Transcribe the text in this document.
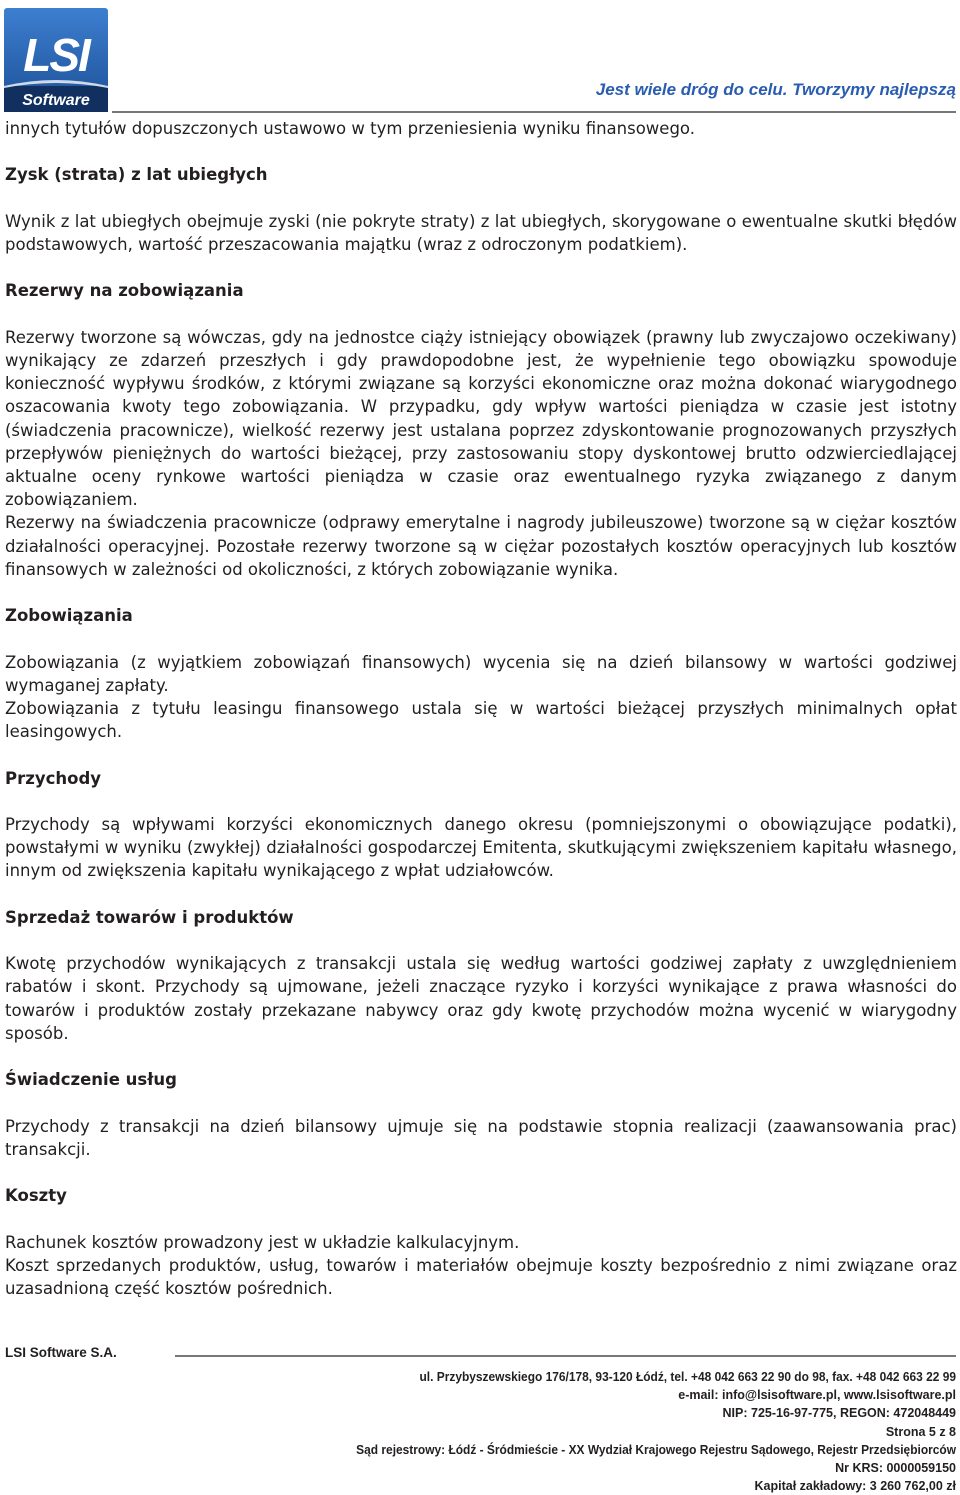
LSI
Software
Jest wiele dróg do celu. Tworzymy najlepszą

innych tytułów dopuszczonych ustawowo w tym przeniesienia wyniku finansowego.

Zysk (strata) z lat ubiegłych

Wynik z lat ubiegłych obejmuje zyski (nie pokryte straty) z lat ubiegłych, skorygowane o ewentualne skutki błędów podstawowych, wartość przeszacowania majątku (wraz z odroczonym podatkiem).

Rezerwy na zobowiązania

Rezerwy tworzone są wówczas, gdy na jednostce ciąży istniejący obowiązek (prawny lub zwyczajowo oczekiwany) wynikający ze zdarzeń przeszłych i gdy prawdopodobne jest, że wypełnienie tego obowiązku spowoduje konieczność wypływu środków, z którymi związane są korzyści ekonomiczne oraz można dokonać wiarygodnego oszacowania kwoty tego zobowiązania. W przypadku, gdy wpływ wartości pieniądza w czasie jest istotny (świadczenia pracownicze), wielkość rezerwy jest ustalana poprzez zdyskontowanie prognozowanych przyszłych przepływów pieniężnych do wartości bieżącej, przy zastosowaniu stopy dyskontowej brutto odzwierciedlającej aktualne oceny rynkowe wartości pieniądza w czasie oraz ewentualnego ryzyka związanego z danym zobowiązaniem.

Rezerwy na świadczenia pracownicze (odprawy emerytalne i nagrody jubileuszowe) tworzone są w ciężar kosztów działalności operacyjnej. Pozostałe rezerwy tworzone są w ciężar pozostałych kosztów operacyjnych lub kosztów finansowych w zależności od okoliczności, z których zobowiązanie wynika.

Zobowiązania

Zobowiązania (z wyjątkiem zobowiązań finansowych) wycenia się na dzień bilansowy w wartości godziwej wymaganej zapłaty.

Zobowiązania z tytułu leasingu finansowego ustala się w wartości bieżącej przyszłych minimalnych opłat leasingowych.

Przychody

Przychody są wpływami korzyści ekonomicznych danego okresu (pomniejszonymi o obowiązujące podatki), powstałymi w wyniku (zwykłej) działalności gospodarczej Emitenta, skutkującymi zwiększeniem kapitału własnego, innym od zwiększenia kapitału wynikającego z wpłat udziałowców.

Sprzedaż towarów i produktów

Kwotę przychodów wynikających z transakcji ustala się według wartości godziwej zapłaty z uwzględnieniem rabatów i skont. Przychody są ujmowane, jeżeli znaczące ryzyko i korzyści wynikające z prawa własności do towarów i produktów zostały przekazane nabywcy oraz gdy kwotę przychodów można wycenić w wiarygodny sposób.

Świadczenie usług

Przychody z transakcji na dzień bilansowy ujmuje się na podstawie stopnia realizacji (zaawansowania prac) transakcji.

Koszty

Rachunek kosztów prowadzony jest w układzie kalkulacyjnym.

Koszt sprzedanych produktów, usług, towarów i materiałów obejmuje koszty bezpośrednio z nimi związane oraz uzasadnioną część kosztów pośrednich.

LSI Software S.A.
ul. Przybyszewskiego 176/178, 93-120 Łódź, tel. +48 042 663 22 90 do 98, fax. +48 042 663 22 99
e-mail: info@lsisoftware.pl, www.lsisoftware.pl
NIP: 725-16-97-775, REGON: 472048449
Strona 5 z 8
Sąd rejestrowy: Łódź - Śródmieście - XX Wydział Krajowego Rejestru Sądowego, Rejestr Przedsiębiorców
Nr KRS: 0000059150
Kapitał zakładowy: 3 260 762,00 zł
